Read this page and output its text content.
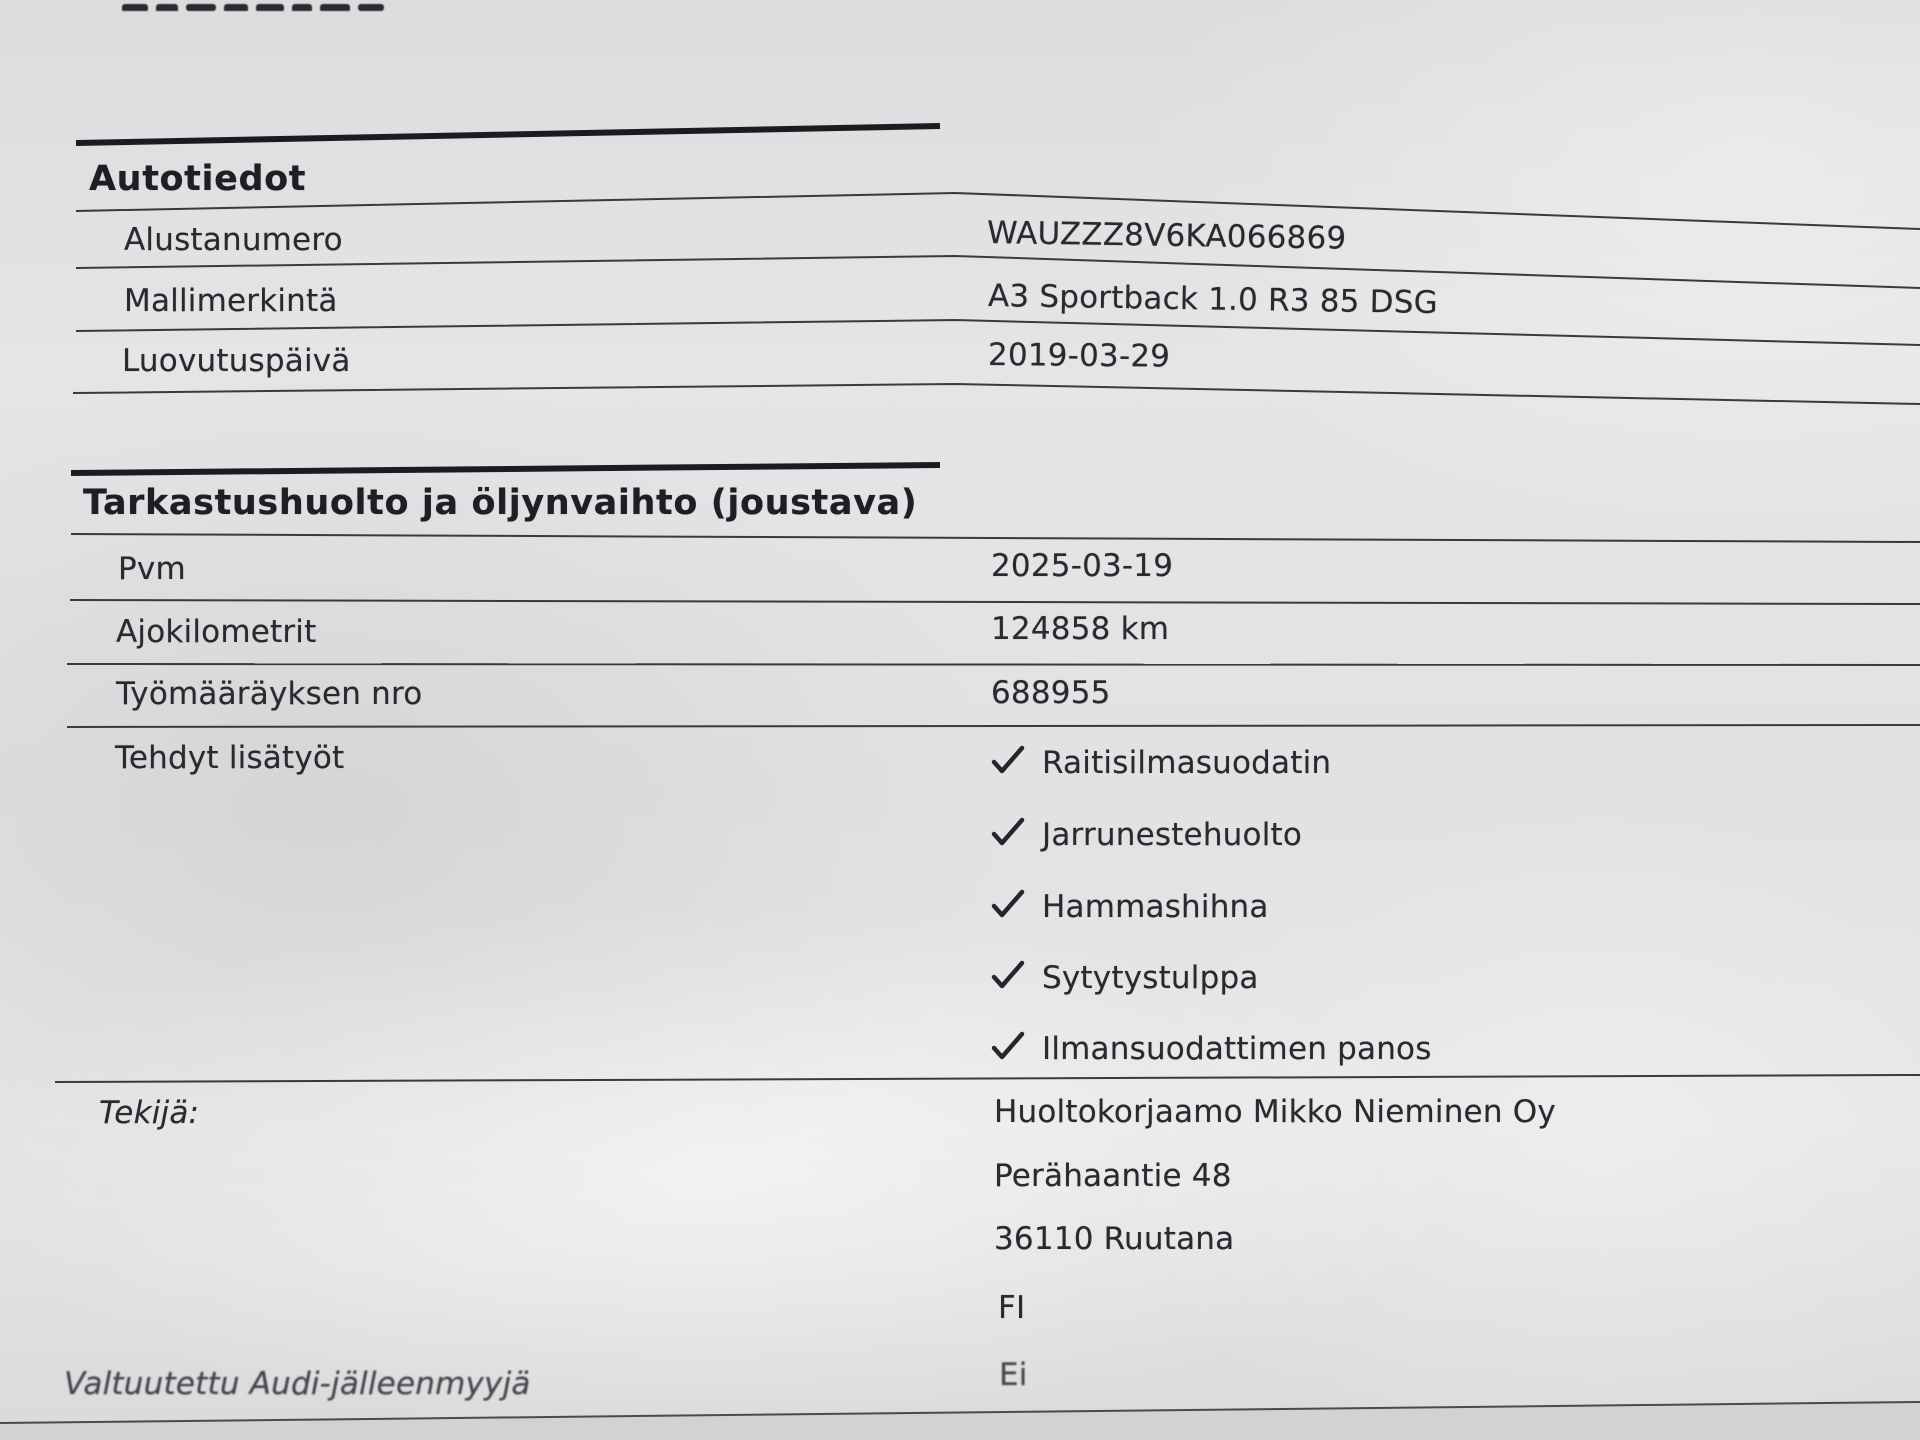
Autotiedot
Alustanumero	WAUZZZ8V6KA066869
Mallimerkintä	A3 Sportback 1.0 R3 85 DSG
Luovutuspäivä	2019-03-29
Tarkastushuolto ja öljynvaihto (joustava)
Pvm	2025-03-19
Ajokilometrit	124858 km
Työmääräyksen nro	688955
Tehdyt lisätyöt	Raitisilmasuodatin
Jarrunestehuolto
Hammashihna
Sytytystulppa
Ilmansuodattimen panos
Tekijä:	Huoltokorjaamo Mikko Nieminen Oy
Perähaantie 48
36110 Ruutana
FI
Valtuutettu Audi-jälleenmyyjä	Ei
